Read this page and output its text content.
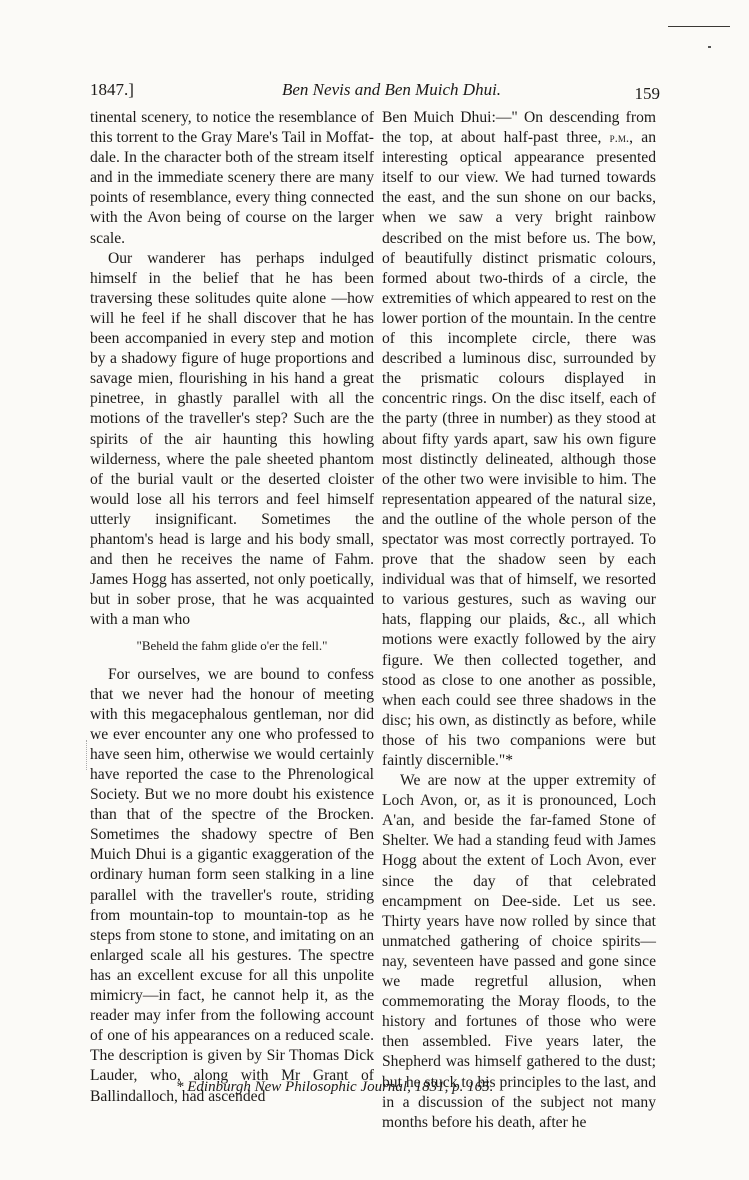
1847.]	Ben Nevis and Ben Muich Dhui.	159

tinental scenery, to notice the resemblance of this torrent to the Gray Mare's Tail in Moffat-dale. In the character both of the stream itself and in the immediate scenery there are many points of resemblance, every thing connected with the Avon being of course on the larger scale.

Our wanderer has perhaps indulged himself in the belief that he has been traversing these solitudes quite alone —how will he feel if he shall discover that he has been accompanied in every step and motion by a shadowy figure of huge proportions and savage mien, flourishing in his hand a great pinetree, in ghastly parallel with all the motions of the traveller's step? Such are the spirits of the air haunting this howling wilderness, where the pale sheeted phantom of the burial vault or the deserted cloister would lose all his terrors and feel himself utterly insignificant. Sometimes the phantom's head is large and his body small, and then he receives the name of Fahm. James Hogg has asserted, not only poetically, but in sober prose, that he was acquainted with a man who

"Beheld the fahm glide o'er the fell."

For ourselves, we are bound to confess that we never had the honour of meeting with this megacephalous gentleman, nor did we ever encounter any one who professed to have seen him, otherwise we would certainly have reported the case to the Phrenological Society. But we no more doubt his existence than that of the spectre of the Brocken. Sometimes the shadowy spectre of Ben Muich Dhui is a gigantic exaggeration of the ordinary human form seen stalking in a line parallel with the traveller's route, striding from mountain-top to mountain-top as he steps from stone to stone, and imitating on an enlarged scale all his gestures. The spectre has an excellent excuse for all this unpolite mimicry—in fact, he cannot help it, as the reader may infer from the following account of one of his appearances on a reduced scale. The description is given by Sir Thomas Dick Lauder, who, along with Mr Grant of Ballindalloch, had ascended

Ben Muich Dhui:—" On descending from the top, at about half-past three, p.m., an interesting optical appearance presented itself to our view. We had turned towards the east, and the sun shone on our backs, when we saw a very bright rainbow described on the mist before us. The bow, of beautifully distinct prismatic colours, formed about two-thirds of a circle, the extremities of which appeared to rest on the lower portion of the mountain. In the centre of this incomplete circle, there was described a luminous disc, surrounded by the prismatic colours displayed in concentric rings. On the disc itself, each of the party (three in number) as they stood at about fifty yards apart, saw his own figure most distinctly delineated, although those of the other two were invisible to him. The representation appeared of the natural size, and the outline of the whole person of the spectator was most correctly portrayed. To prove that the shadow seen by each individual was that of himself, we resorted to various gestures, such as waving our hats, flapping our plaids, &c., all which motions were exactly followed by the airy figure. We then collected together, and stood as close to one another as possible, when each could see three shadows in the disc; his own, as distinctly as before, while those of his two companions were but faintly discernible."*

We are now at the upper extremity of Loch Avon, or, as it is pronounced, Loch A'an, and beside the far-famed Stone of Shelter. We had a standing feud with James Hogg about the extent of Loch Avon, ever since the day of that celebrated encampment on Dee-side. Let us see. Thirty years have now rolled by since that unmatched gathering of choice spirits—nay, seventeen have passed and gone since we made regretful allusion, when commemorating the Moray floods, to the history and fortunes of those who were then assembled. Five years later, the Shepherd was himself gathered to the dust; but he stuck to his principles to the last, and in a discussion of the subject not many months before his death, after he

* Edinburgh New Philosophic Journal, 1831, p. 165.
